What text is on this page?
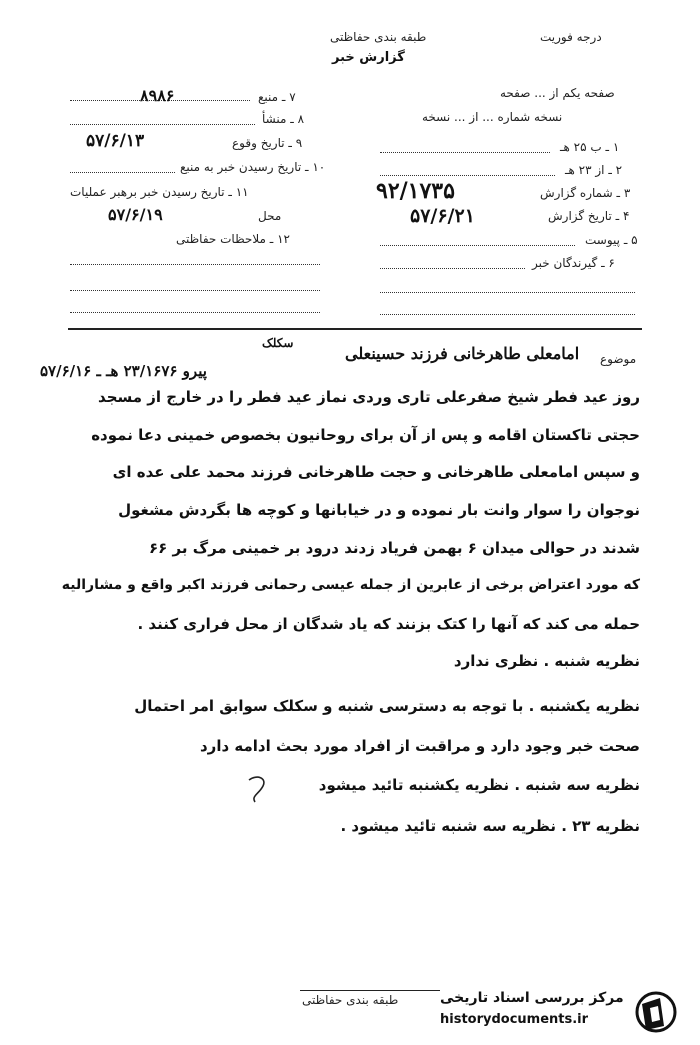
طبقه بندی حفاظتی	درجه فوریت
گزارش خبر
۷ ـ منبع
۸۹۸۶
۸ ـ منشأ
۹ ـ تاریخ وقوع
۵۷/۶/۱۳
۱۰ ـ تاریخ رسیدن خبر به منبع
۱۱ ـ تاریخ رسیدن خبر برهبر عملیات
محل
۵۷/۶/۱۹
۱۲ ـ ملاحظات حفاظتی
صفحه یکم از ... صفحه
نسخه شماره ... از ... نسخه
۱ ـ ب ۲۵ هـ
۲ ـ از ۲۳ هـ
۳ ـ شماره گزارش
۹۲/۱۷۳۵
۴ ـ تاریخ گزارش
۵۷/۶/۲۱
۵ ـ پیوست
۶ ـ گیرندگان خبر
موضوع
امامعلی طاهرخانی فرزند حسینعلی
سکلک
پیرو ۲۳/۱۶۷۶ هـ ـ ۵۷/۶/۱۶
روز عید فطر شیخ صفرعلی تاری وردی نماز عید فطر را در خارج از مسجد
حجتی تاکستان اقامه و پس از آن برای روحانیون بخصوص خمینی دعا نموده
و سپس امامعلی طاهرخانی و حجت طاهرخانی فرزند محمد علی عده ای
نوجوان را سوار وانت بار نموده و در خیابانها و کوچه ها بگردش مشغول
شدند در حوالی میدان ۶ بهمن فریاد زدند درود بر خمینی مرگ بر ۶۶
که مورد اعتراض برخی از عابرین از جمله عیسی رحمانی فرزند اکبر واقع و مشارالیه
حمله می کند که آنها را کتک بزنند که یاد شدگان از محل فراری کنند .
نظریه شنبه . نظری ندارد
نظریه یکشنبه . با توجه به دسترسی شنبه و سکلک سوابق امر احتمال
صحت خبر وجود دارد و مراقبت از افراد مورد بحث ادامه دارد
نظریه سه شنبه . نظریه یکشنبه تائید میشود
نظریه ۲۳ . نظریه سه شنبه تائید میشود .
طبقه بندی حفاظتی	مرکز بررسی اسناد تاریخی
historydocuments.ir
